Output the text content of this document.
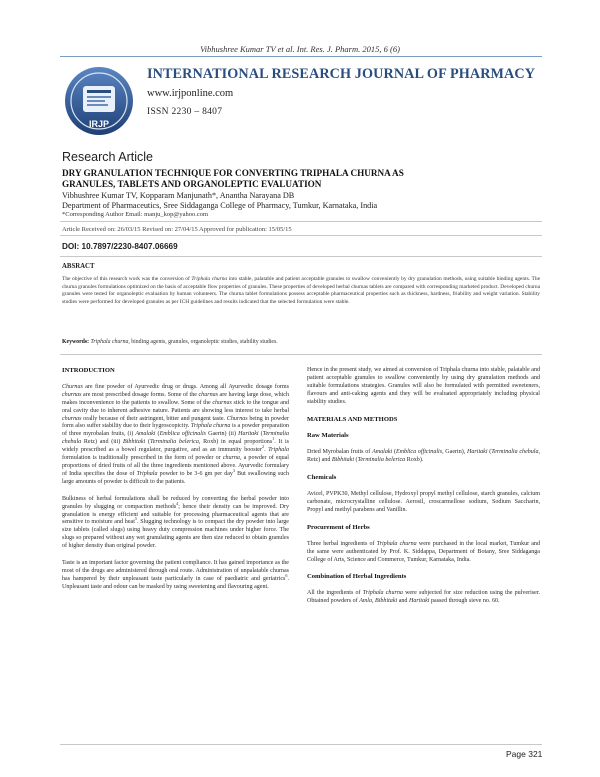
Vibhushree Kumar TV et al. Int. Res. J. Pharm. 2015, 6 (6)
IRJP
INTERNATIONAL RESEARCH JOURNAL OF PHARMACY
www.irjponline.com
ISSN 2230 – 8407
Research Article
DRY GRANULATION TECHNIQUE FOR CONVERTING TRIPHALA CHURNA AS
GRANULES, TABLETS AND ORGANOLEPTIC EVALUATION
Vibhushree Kumar TV, Kopparam Manjunath*, Anantha Narayana DB
Department of Pharmaceutics, Sree Siddaganga College of Pharmacy, Tumkur, Karnataka, India
*Corresponding Author Email: manju_kop@yahoo.com
Article Received on: 26/03/15 Revised on: 27/04/15 Approved for publication: 15/05/15
DOI: 10.7897/2230-8407.06669
ABSRACT
The objective of this research work was the conversion of Triphala churna into stable, palatable and patient acceptable granules to swallow conveniently by dry granulation methods, using suitable binding agents. The churna granules formulations optimized on the basis of acceptable flow properties of granules. These properties of developed herbal churnas tablets are compared with corresponding marketed product. Developed churna granules were tested for organoleptic evaluation by human volunteers. The churna tablet formulations possess acceptable pharmaceutical properties such as thickness, hardness, friability and weight variation. Stability studies were performed for developed granules as per ICH guidelines and results indicated that the selected formulation were stable.
Keywords: Triphala churna, binding agents, granules, organoleptic studies, stability studies.
INTRODUCTION

Churnas are fine powder of Ayurvedic drug or drugs. Among all Ayurvedic dosage forms churnas are most prescribed dosage forms. Some of the churnas are having large dose, which makes inconvenience to the patients to swallow. Some of the churnas stick to the tongue and oral cavity due to inherent adhesive nature. Patients are showing less interest to take herbal churnas orally because of their astringent, bitter and pungent taste. Churnas being in powder form also suffer stability due to their hygroscopicity. Triphala churna is a powder preparation of three myrobalan fruits, (i) Amalaki (Emblica officinalis Gaertn) (ii) Haritaki (Terminalia chebula Retz) and (iii) Bibhitaki (Terminalia belerica, Roxb) in equal proportions$^1$. It is widely prescribed as a bowel regulator, purgative, and as an immunity booster$^2$. Triphala formulation is traditionally prescribed in the form of powder or churna, a powder of equal proportions of dried fruits of all the three ingredients mentioned above. Ayurvedic formulary of India specifies the dose of Triphala powder to be 3-6 gm per day$^3$ But swallowing such large amounts of powder is difficult to the patients.

Bulkiness of herbal formulations shall be reduced by converting the herbal powder into granules by slugging or compaction methods$^4$; hence their density can be improved. Dry granulation is energy efficient and suitable for processing pharmaceutical agents that are sensitive to moisture and heat$^5$. Slugging technology is to compact the dry powder into large size tablets (called slugs) using heavy duty compression machines under higher force. The slugs so prepared without any wet granulating agents are then size reduced to obtain granules of higher density than original powder.

Taste is an important factor governing the patient compliance. It has gained importance as the most of the drugs are administered through oral route. Administration of unpalatable churnas has hampered by their unpleasant taste particularly in case of paediatric and geriatrics$^6$. Unpleasant taste and odour can be masked by using sweetening and flavouring agent.

Hence in the present study, we aimed at conversion of Triphala churna into stable, palatable and patient acceptable granules to swallow conveniently by using dry granulation methods and suitable formulations strategies. Granules will also be formulated with permitted sweeteners, flavours and anti-caking agents and they will be evaluated appropriately including physical stability studies.

MATERIALS AND METHODS
Raw Materials

Dried Myrobalan fruits of Amalaki (Emblica officinalis, Gaertn), Haritaki (Terminalia chebula, Retz) and Bibhitaki (Terminalia belerica Roxb).

Chemicals

Avicel, PVPK30, Methyl cellulose, Hydroxyl propyl methyl cellulose, starch granules, calcium carbonate, microcrystalline cellulose. Aerosil, croscarmellose sodium, Sodium Saccharin, Propyl and methyl parabens and Vanillin.

Procurement of Herbs

Three herbal ingredients of Triphala churna were purchased in the local market, Tumkur and the same were authenticated by Prof. K. Siddappa, Department of Botany, Sree Siddaganga College of Arts, Science and Commerce, Tumkur, Karnataka, India.

Combination of Herbal Ingredients

All the ingredients of Triphala churna were subjected for size reduction using the pulveriser. Obtained powders of Amla, Bibhitaki and Haritaki passed through sieve no. 60.

Page 321
